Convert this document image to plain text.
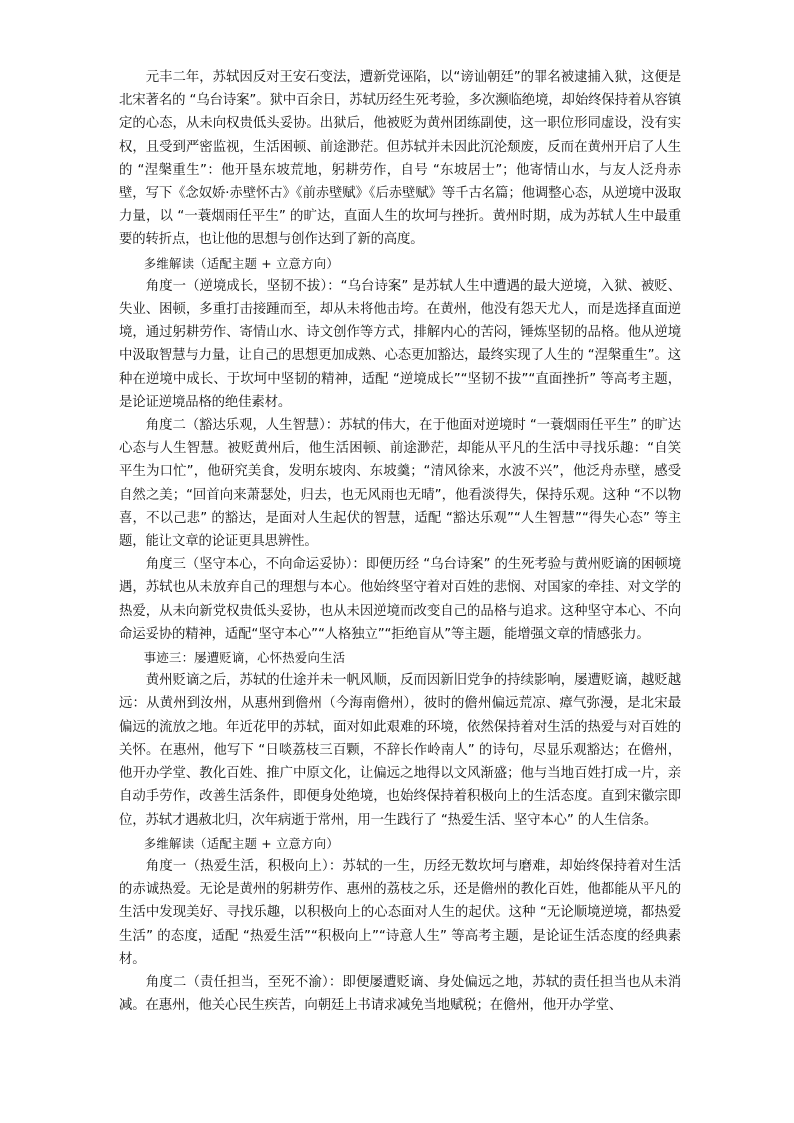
元丰二年，苏轼因反对王安石变法，遭新党诬陷，以“谤讪朝廷”的罪名被逮捕入狱，这便是北宋著名的 “乌台诗案”。狱中百余日，苏轼历经生死考验，多次濒临绝境，却始终保持着从容镇定的心态，从未向权贵低头妥协。出狱后，他被贬为黄州团练副使，这一职位形同虚设，没有实权，且受到严密监视，生活困顿、前途渺茫。但苏轼并未因此沉沦颓废，反而在黄州开启了人生的 “涅槃重生”：他开垦东坡荒地，躬耕劳作，自号 “东坡居士”；他寄情山水，与友人泛舟赤壁，写下《念奴娇·赤壁怀古》《前赤壁赋》《后赤壁赋》等千古名篇；他调整心态，从逆境中汲取力量，以 “一蓑烟雨任平生” 的旷达，直面人生的坎坷与挫折。黄州时期，成为苏轼人生中最重要的转折点，也让他的思想与创作达到了新的高度。

多维解读（适配主题 + 立意方向）

角度一（逆境成长，坚韧不拔）：“乌台诗案” 是苏轼人生中遭遇的最大逆境，入狱、被贬、失业、困顿，多重打击接踵而至，却从未将他击垮。在黄州，他没有怨天尤人，而是选择直面逆境，通过躬耕劳作、寄情山水、诗文创作等方式，排解内心的苦闷，锤炼坚韧的品格。他从逆境中汲取智慧与力量，让自己的思想更加成熟、心态更加豁达，最终实现了人生的 “涅槃重生”。这种在逆境中成长、于坎坷中坚韧的精神，适配 “逆境成长”“坚韧不拔”“直面挫折” 等高考主题，是论证逆境品格的绝佳素材。

角度二（豁达乐观，人生智慧）：苏轼的伟大，在于他面对逆境时 “一蓑烟雨任平生” 的旷达心态与人生智慧。被贬黄州后，他生活困顿、前途渺茫，却能从平凡的生活中寻找乐趣：“自笑平生为口忙”，他研究美食，发明东坡肉、东坡羹；“清风徐来，水波不兴”，他泛舟赤壁，感受自然之美；“回首向来萧瑟处，归去，也无风雨也无晴”，他看淡得失，保持乐观。这种 “不以物喜，不以己悲” 的豁达，是面对人生起伏的智慧，适配 “豁达乐观”“人生智慧”“得失心态” 等主题，能让文章的论证更具思辨性。

角度三（坚守本心，不向命运妥协）：即便历经 “乌台诗案” 的生死考验与黄州贬谪的困顿境遇，苏轼也从未放弃自己的理想与本心。他始终坚守着对百姓的悲悯、对国家的牵挂、对文学的热爱，从未向新党权贵低头妥协，也从未因逆境而改变自己的品格与追求。这种坚守本心、不向命运妥协的精神，适配“坚守本心”“人格独立”“拒绝盲从”等主题，能增强文章的情感张力。

事迹三：屡遭贬谪，心怀热爱向生活

黄州贬谪之后，苏轼的仕途并未一帆风顺，反而因新旧党争的持续影响，屡遭贬谪，越贬越远：从黄州到汝州，从惠州到儋州（今海南儋州），彼时的儋州偏远荒凉、瘴气弥漫，是北宋最偏远的流放之地。年近花甲的苏轼，面对如此艰难的环境，依然保持着对生活的热爱与对百姓的关怀。在惠州，他写下 “日啖荔枝三百颗，不辞长作岭南人” 的诗句，尽显乐观豁达；在儋州，他开办学堂、教化百姓、推广中原文化，让偏远之地得以文风渐盛；他与当地百姓打成一片，亲自动手劳作，改善生活条件，即便身处绝境，也始终保持着积极向上的生活态度。直到宋徽宗即位，苏轼才遇赦北归，次年病逝于常州，用一生践行了 “热爱生活、坚守本心” 的人生信条。

多维解读（适配主题 + 立意方向）

角度一（热爱生活，积极向上）：苏轼的一生，历经无数坎坷与磨难，却始终保持着对生活的赤诚热爱。无论是黄州的躬耕劳作、惠州的荔枝之乐，还是儋州的教化百姓，他都能从平凡的生活中发现美好、寻找乐趣，以积极向上的心态面对人生的起伏。这种 “无论顺境逆境，都热爱生活” 的态度，适配 “热爱生活”“积极向上”“诗意人生” 等高考主题，是论证生活态度的经典素材。

角度二（责任担当，至死不渝）：即便屡遭贬谪、身处偏远之地，苏轼的责任担当也从未消减。在惠州，他关心民生疾苦，向朝廷上书请求减免当地赋税；在儋州，他开办学堂、
